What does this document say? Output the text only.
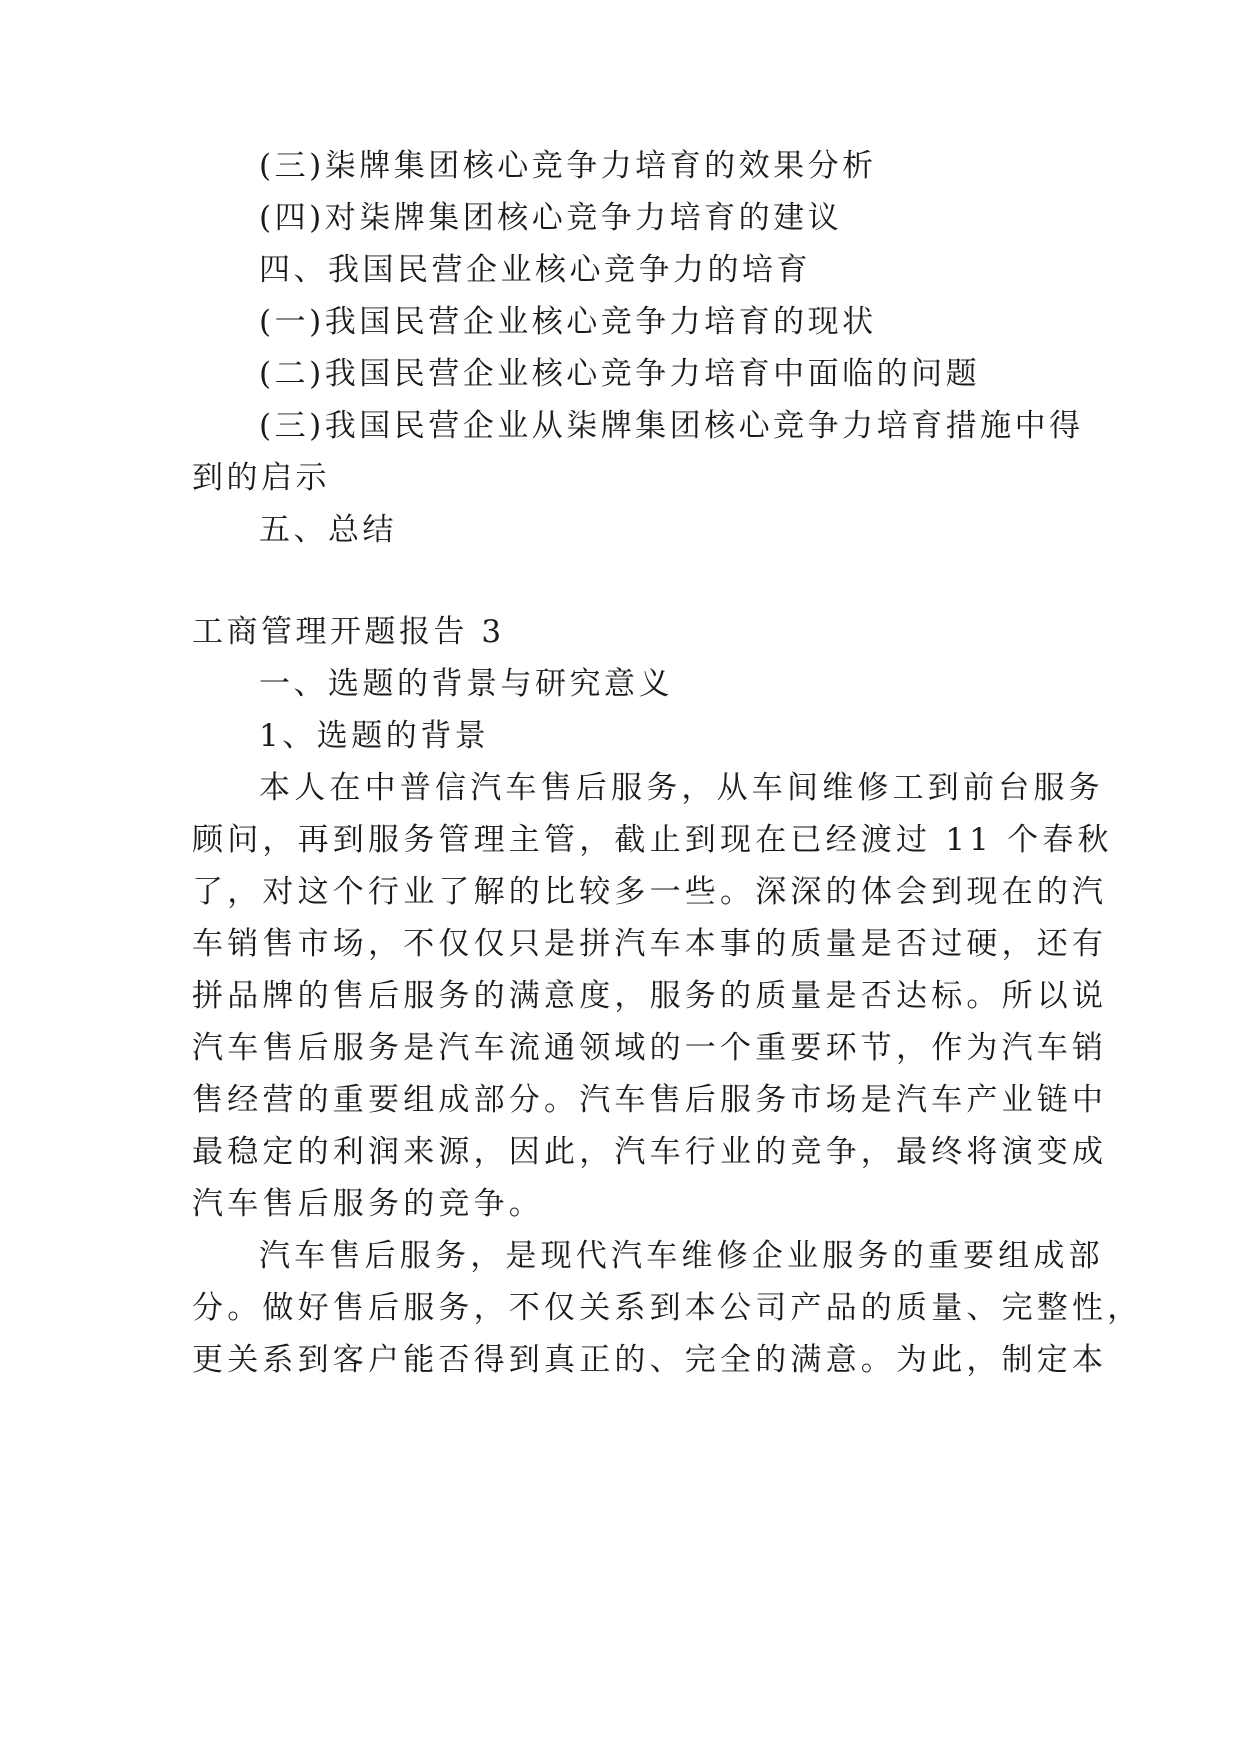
(三)柒牌集团核心竞争力培育的效果分析
(四)对柒牌集团核心竞争力培育的建议
四、我国民营企业核心竞争力的培育
(一)我国民营企业核心竞争力培育的现状
(二)我国民营企业核心竞争力培育中面临的问题
(三)我国民营企业从柒牌集团核心竞争力培育措施中得
到的启示
五、总结
工商管理开题报告 3
一、选题的背景与研究意义
1、选题的背景
本人在中普信汽车售后服务，从车间维修工到前台服务
顾问，再到服务管理主管，截止到现在已经渡过 11 个春秋
了，对这个行业了解的比较多一些。深深的体会到现在的汽
车销售市场，不仅仅只是拼汽车本事的质量是否过硬，还有
拼品牌的售后服务的满意度，服务的质量是否达标。所以说
汽车售后服务是汽车流通领域的一个重要环节，作为汽车销
售经营的重要组成部分。汽车售后服务市场是汽车产业链中
最稳定的利润来源，因此，汽车行业的竞争，最终将演变成
汽车售后服务的竞争。
汽车售后服务，是现代汽车维修企业服务的重要组成部
分。做好售后服务，不仅关系到本公司产品的质量、完整性，
更关系到客户能否得到真正的、完全的满意。为此，制定本
